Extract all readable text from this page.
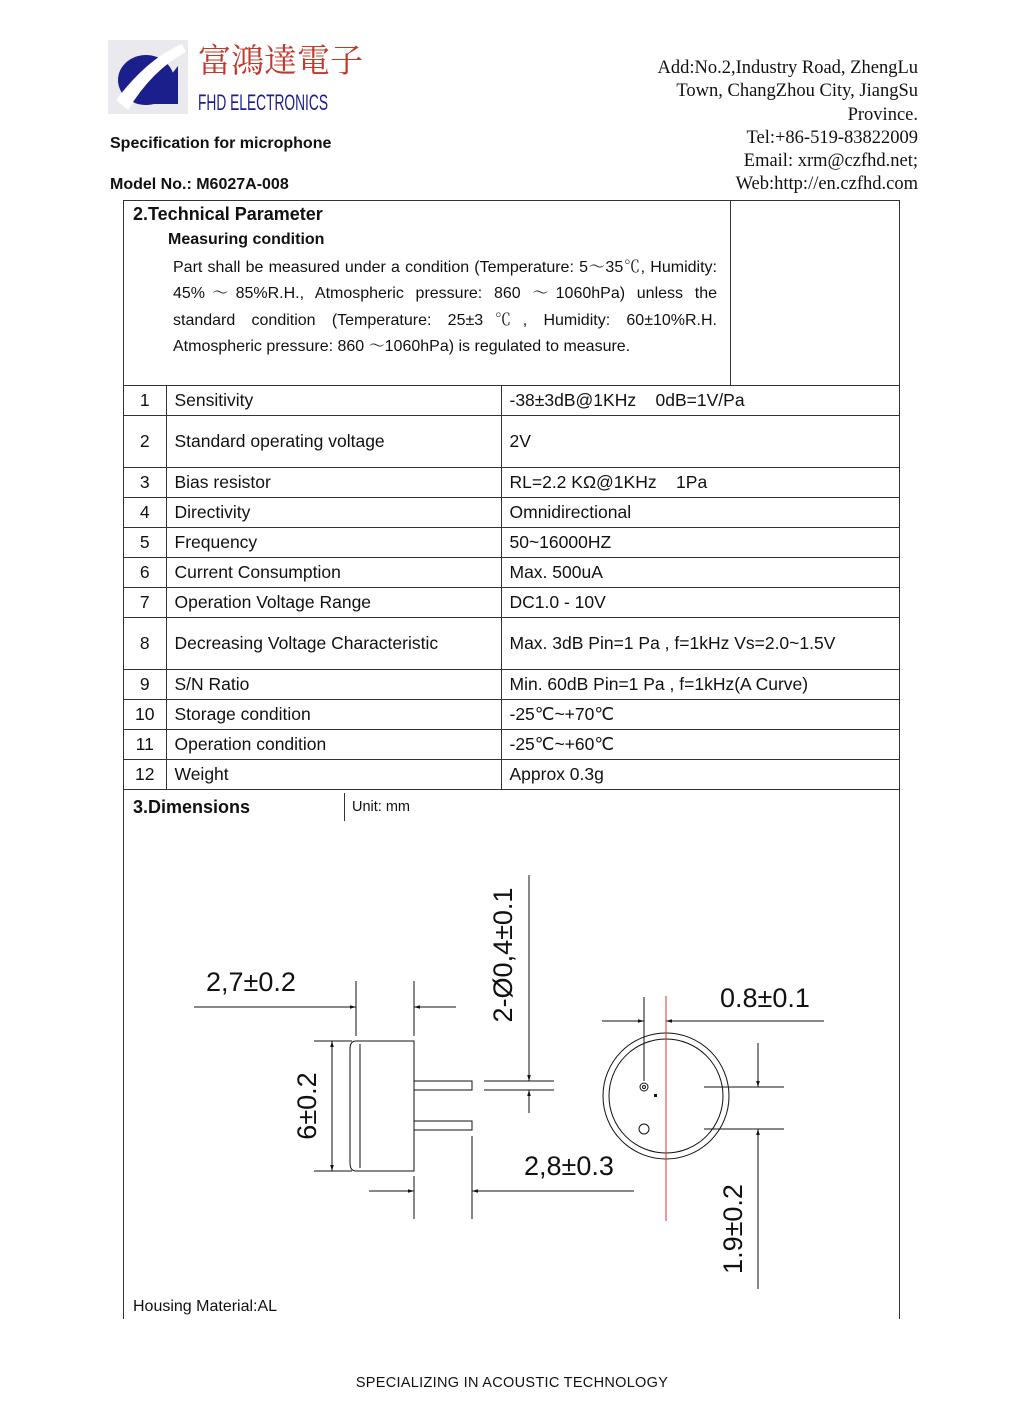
富鴻達電子
FHD ELECTRONICS
Specification for microphone
Model No.: M6027A-008
Add:No.2,Industry Road, ZhengLu
Town, ChangZhou City, JiangSu
Province.
Tel:+86-519-83822009
Email: xrm@czfhd.net;
Web:http://en.czfhd.com
2.Technical Parameter
Measuring condition
Part shall be measured under a condition (Temperature: 5～35℃, Humidity: 45%～85%R.H., Atmospheric pressure: 860 ～1060hPa) unless the standard condition (Temperature: 25±3℃, Humidity: 60±10%R.H. Atmospheric pressure: 860 ～1060hPa) is regulated to measure.
1	Sensitivity	-38±3dB@1KHz    0dB=1V/Pa
2	Standard operating voltage	2V
3	Bias resistor	RL=2.2 KΩ@1KHz    1Pa
4	Directivity	Omnidirectional
5	Frequency	50~16000HZ
6	Current Consumption	Max. 500uA
7	Operation Voltage Range	DC1.0 - 10V
8	Decreasing Voltage Characteristic	Max. 3dB Pin=1 Pa , f=1kHz Vs=2.0~1.5V
9	S/N Ratio	Min. 60dB Pin=1 Pa , f=1kHz(A Curve)
10	Storage condition	-25℃~+70℃
11	Operation condition	-25℃~+60℃
12	Weight	Approx 0.3g
3.Dimensions	Unit: mm
2,7±0.2
6±0.2
2,8±0.3
2-Ø0,4±0.1	0.8±0.1
1.9±0.2
Housing Material:AL
SPECIALIZING IN ACOUSTIC TECHNOLOGY
